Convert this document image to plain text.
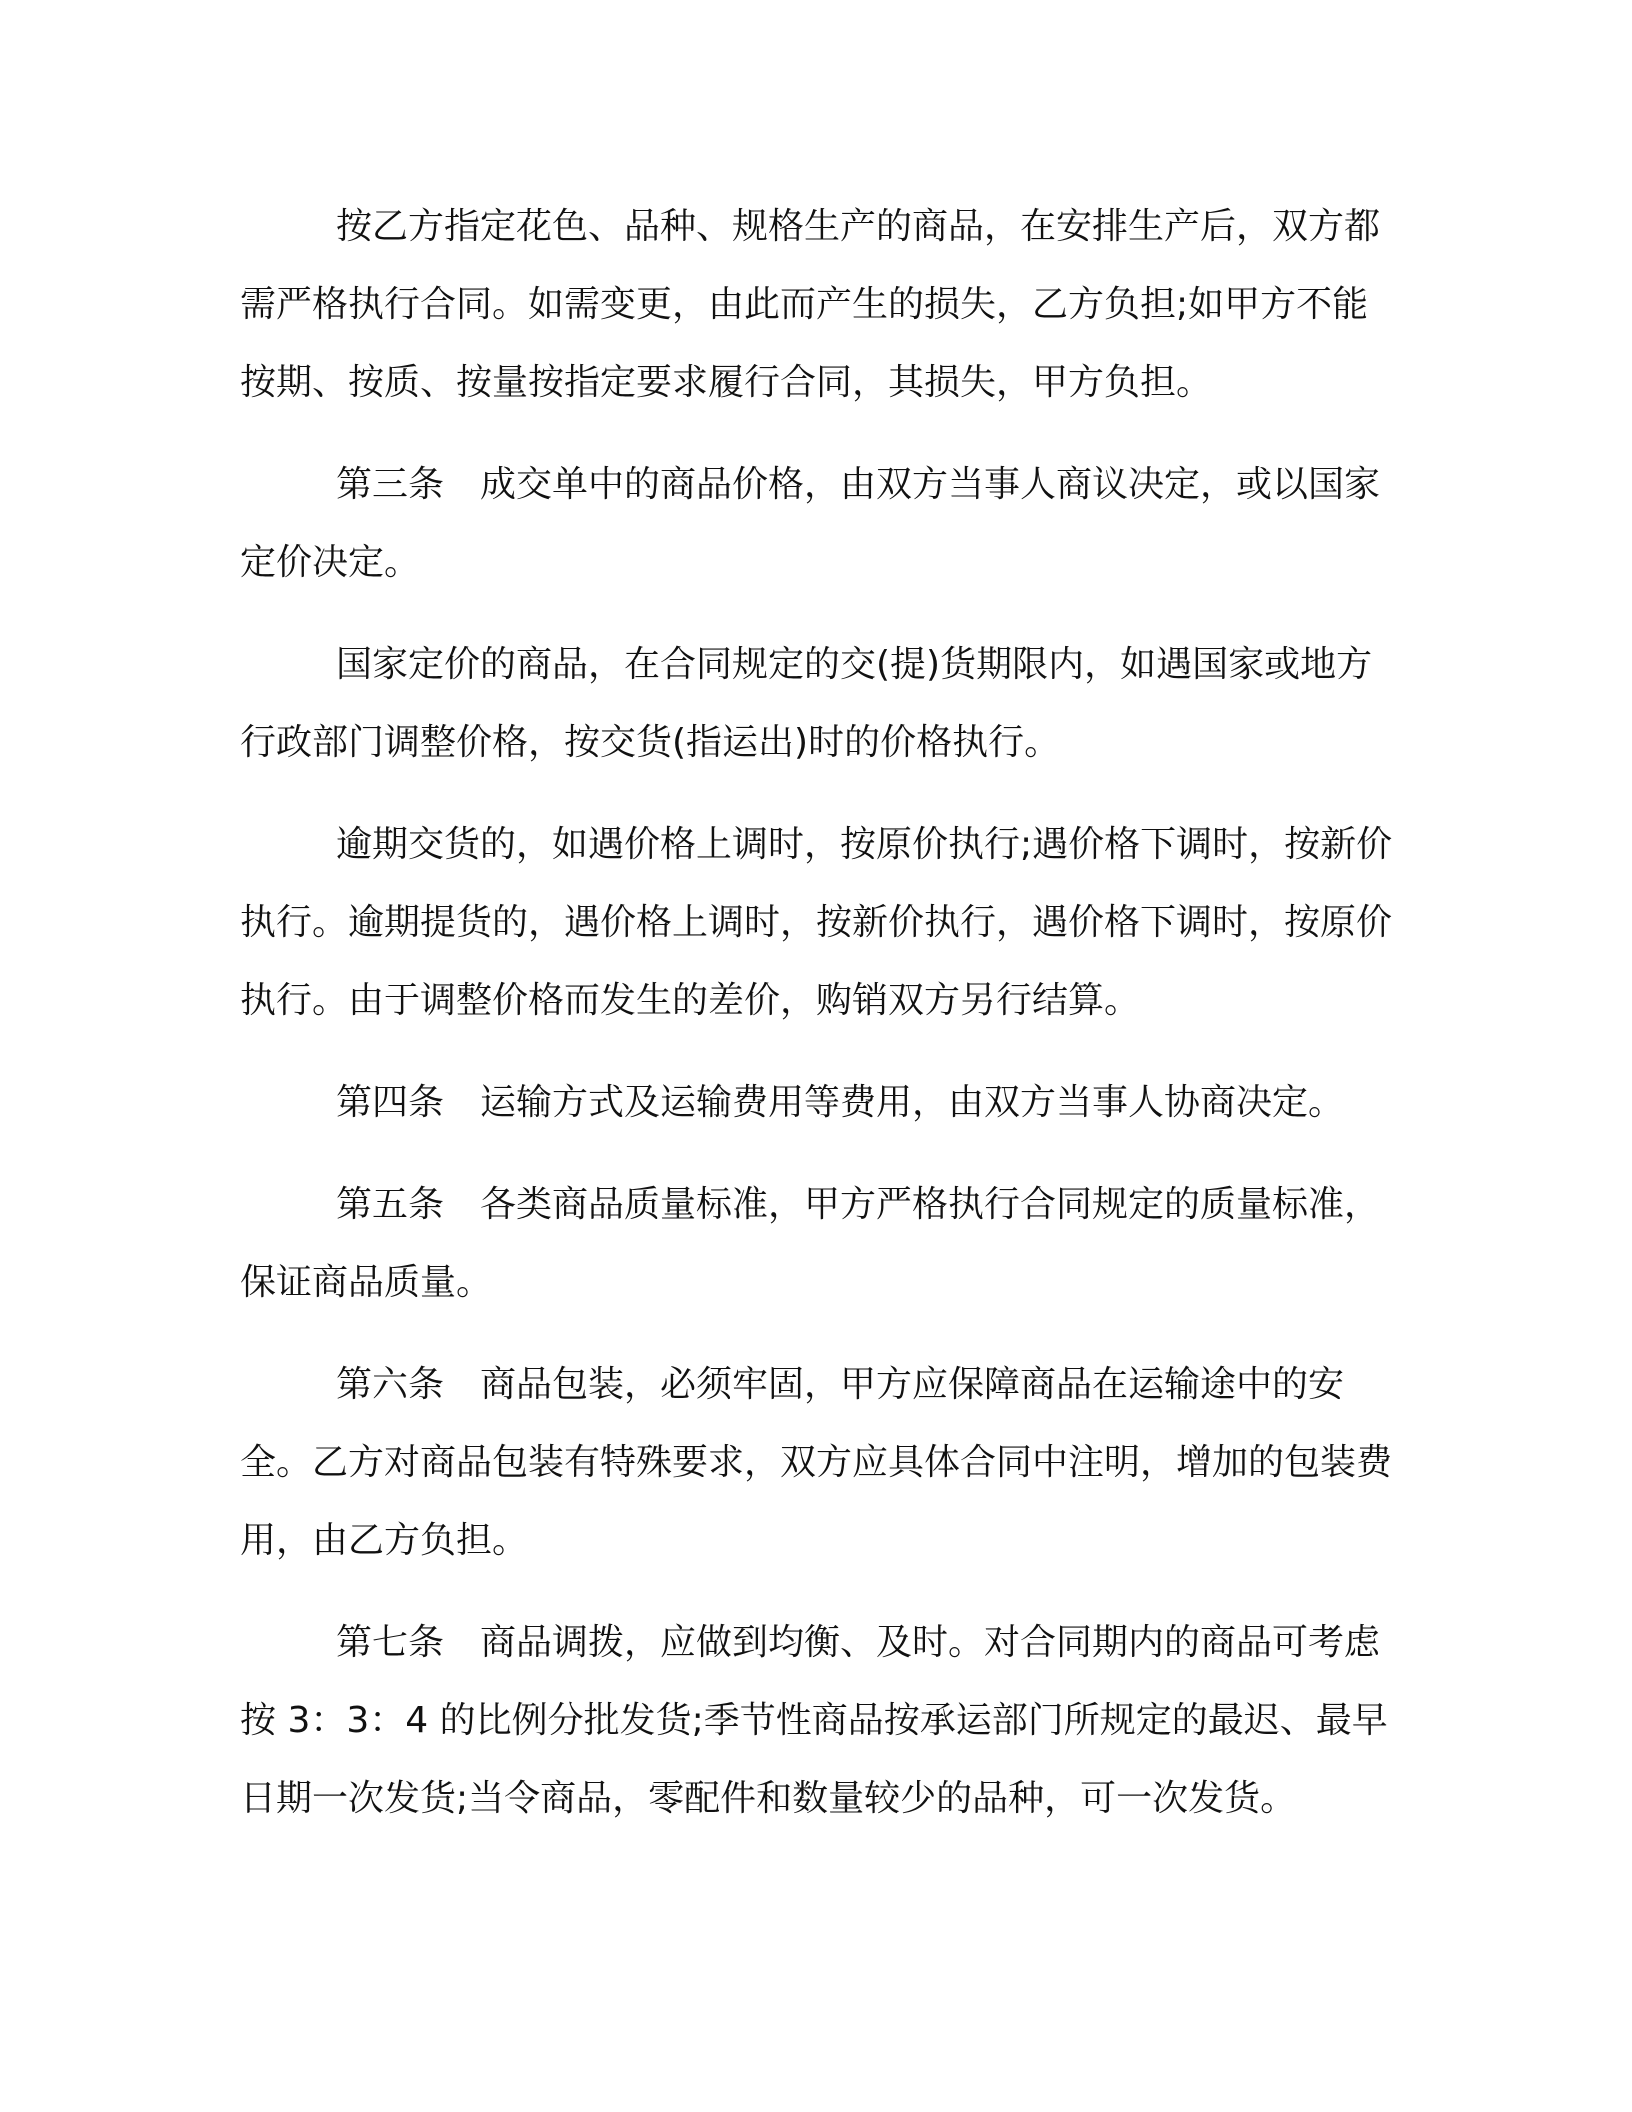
按乙方指定花色、品种、规格生产的商品，在安排生产后，双方都需严格执行合同。如需变更，由此而产生的损失，乙方负担;如甲方不能按期、按质、按量按指定要求履行合同，其损失，甲方负担。

第三条　成交单中的商品价格，由双方当事人商议决定，或以国家定价决定。

国家定价的商品，在合同规定的交(提)货期限内，如遇国家或地方行政部门调整价格，按交货(指运出)时的价格执行。

逾期交货的，如遇价格上调时，按原价执行;遇价格下调时，按新价执行。逾期提货的，遇价格上调时，按新价执行，遇价格下调时，按原价执行。由于调整价格而发生的差价，购销双方另行结算。

第四条　运输方式及运输费用等费用，由双方当事人协商决定。

第五条　各类商品质量标准，甲方严格执行合同规定的质量标准，保证商品质量。

第六条　商品包装，必须牢固，甲方应保障商品在运输途中的安全。乙方对商品包装有特殊要求，双方应具体合同中注明，增加的包装费用，由乙方负担。

第七条　商品调拨，应做到均衡、及时。对合同期内的商品可考虑按 3：3：4 的比例分批发货;季节性商品按承运部门所规定的最迟、最早日期一次发货;当令商品，零配件和数量较少的品种，可一次发货。
